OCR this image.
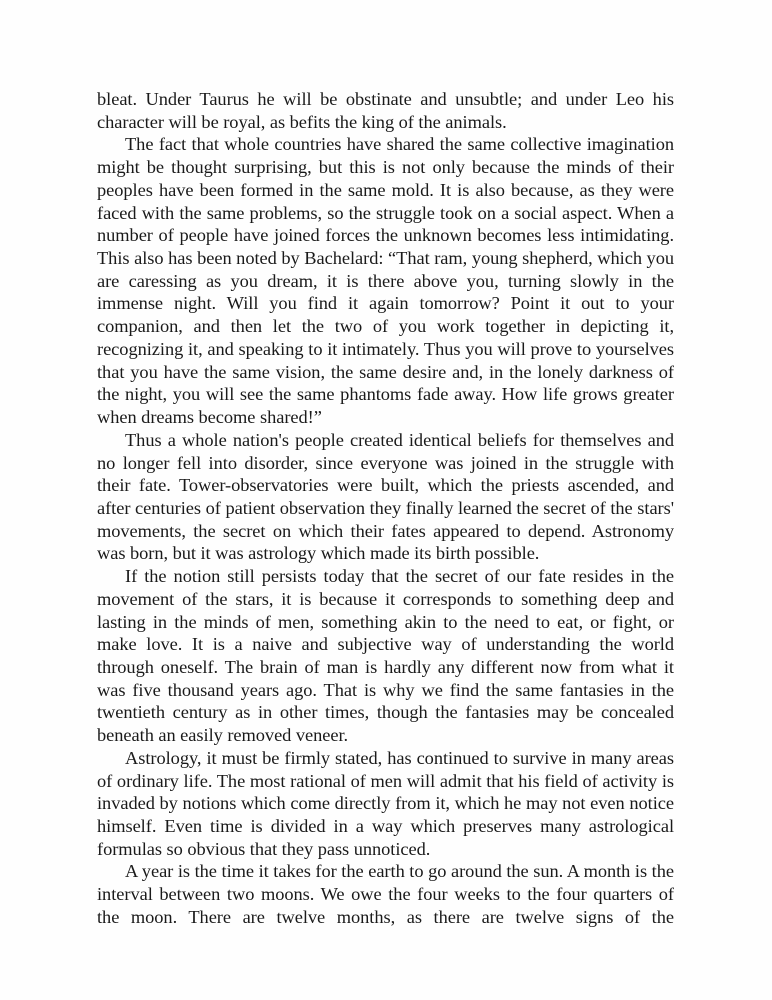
bleat. Under Taurus he will be obstinate and unsubtle; and under Leo his character will be royal, as befits the king of the animals.

The fact that whole countries have shared the same collective imagination might be thought surprising, but this is not only because the minds of their peoples have been formed in the same mold. It is also because, as they were faced with the same problems, so the struggle took on a social aspect. When a number of people have joined forces the unknown becomes less intimidating. This also has been noted by Bachelard: “That ram, young shepherd, which you are caressing as you dream, it is there above you, turning slowly in the immense night. Will you find it again tomorrow? Point it out to your companion, and then let the two of you work together in depicting it, recognizing it, and speaking to it intimately. Thus you will prove to yourselves that you have the same vision, the same desire and, in the lonely darkness of the night, you will see the same phantoms fade away. How life grows greater when dreams become shared!”

Thus a whole nation's people created identical beliefs for themselves and no longer fell into disorder, since everyone was joined in the struggle with their fate. Tower-observatories were built, which the priests ascended, and after centuries of patient observation they finally learned the secret of the stars' movements, the secret on which their fates appeared to depend. Astronomy was born, but it was astrology which made its birth possible.

If the notion still persists today that the secret of our fate resides in the movement of the stars, it is because it corresponds to something deep and lasting in the minds of men, something akin to the need to eat, or fight, or make love. It is a naive and subjective way of understanding the world through oneself. The brain of man is hardly any different now from what it was five thousand years ago. That is why we find the same fantasies in the twentieth century as in other times, though the fantasies may be concealed beneath an easily removed veneer.

Astrology, it must be firmly stated, has continued to survive in many areas of ordinary life. The most rational of men will admit that his field of activity is invaded by notions which come directly from it, which he may not even notice himself. Even time is divided in a way which preserves many astrological formulas so obvious that they pass unnoticed.

A year is the time it takes for the earth to go around the sun. A month is the interval between two moons. We owe the four weeks to the four quarters of the moon. There are twelve months, as there are twelve signs of the
